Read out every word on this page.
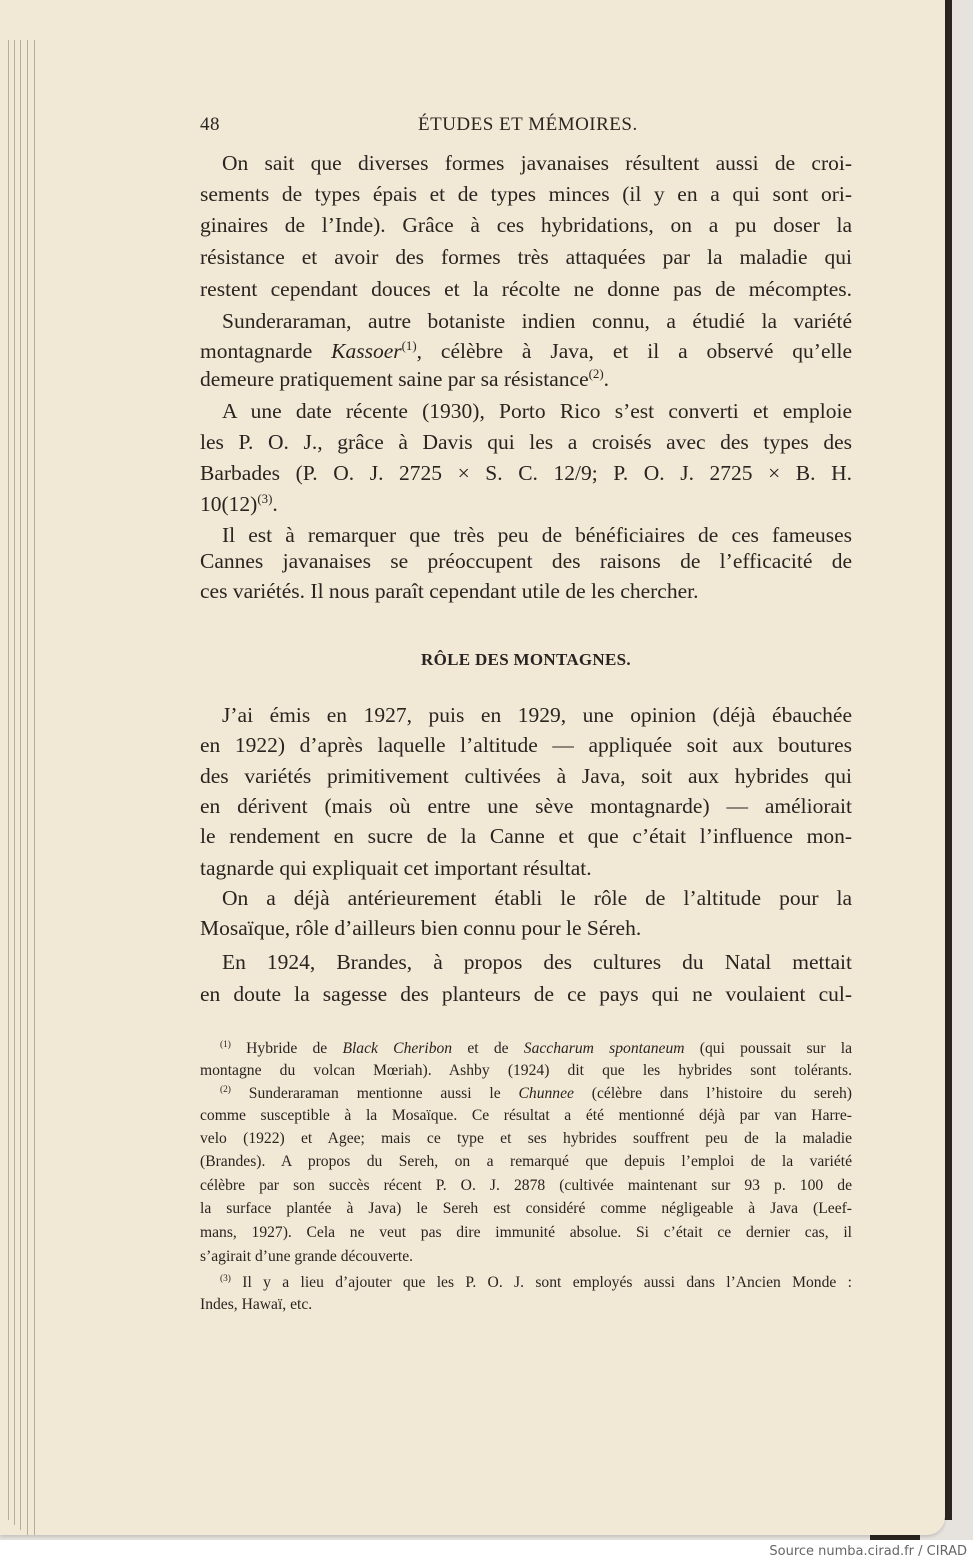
48	ÉTUDES ET MÉMOIRES.
On sait que diverses formes javanaises résultent aussi de croi-
sements de types épais et de types minces (il y en a qui sont ori-
ginaires de l’Inde). Grâce à ces hybridations, on a pu doser la
résistance et avoir des formes très attaquées par la maladie qui
restent cependant douces et la récolte ne donne pas de mécomptes.
Sunderaraman, autre botaniste indien connu, a étudié la variété
montagnarde Kassoer$^{(1)}$, célèbre à Java, et il a observé qu’elle
demeure pratiquement saine par sa résistance$^{(2)}$.
A une date récente (1930), Porto Rico s’est converti et emploie
les P. O. J., grâce à Davis qui les a croisés avec des types des
Barbades (P. O. J. 2725 × S. C. 12/9; P. O. J. 2725 × B. H.
$10(12)^{(3)}$.
Il est à remarquer que très peu de bénéficiaires de ces fameuses
Cannes javanaises se préoccupent des raisons de l’efficacité de
ces variétés. Il nous paraît cependant utile de les chercher.
J’ai émis en 1927, puis en 1929, une opinion (déjà ébauchée
en 1922) d’après laquelle l’altitude — appliquée soit aux boutures
des variétés primitivement cultivées à Java, soit aux hybrides qui
en dérivent (mais où entre une sève montagnarde) — améliorait
le rendement en sucre de la Canne et que c’était l’influence mon-
tagnarde qui expliquait cet important résultat.
On a déjà antérieurement établi le rôle de l’altitude pour la
Mosaïque, rôle d’ailleurs bien connu pour le Séreh.
En 1924, Brandes, à propos des cultures du Natal mettait
en doute la sagesse des planteurs de ce pays qui ne voulaient cul-
RÔLE DES MONTAGNES.
$^{(1)}$ Hybride de Black Cheribon et de Saccharum spontaneum (qui poussait sur la
montagne du volcan Mœriah). Ashby (1924) dit que les hybrides sont tolérants.
$^{(2)}$ Sunderaraman mentionne aussi le Chunnee (célèbre dans l’histoire du sereh)
comme susceptible à la Mosaïque. Ce résultat a été mentionné déjà par van Harre-
velo (1922) et Agee; mais ce type et ses hybrides souffrent peu de la maladie
(Brandes). A propos du Sereh, on a remarqué que depuis l’emploi de la variété
célèbre par son succès récent P. O. J. 2878 (cultivée maintenant sur 93 p. 100 de
la surface plantée à Java) le Sereh est considéré comme négligeable à Java (Leef-
mans, 1927). Cela ne veut pas dire immunité absolue. Si c’était ce dernier cas, il
s’agirait d’une grande découverte.
$^{(3)}$ Il y a lieu d’ajouter que les P. O. J. sont employés aussi dans l’Ancien Monde :
Indes, Hawaï, etc.
Source numba.cirad.fr / CIRAD
